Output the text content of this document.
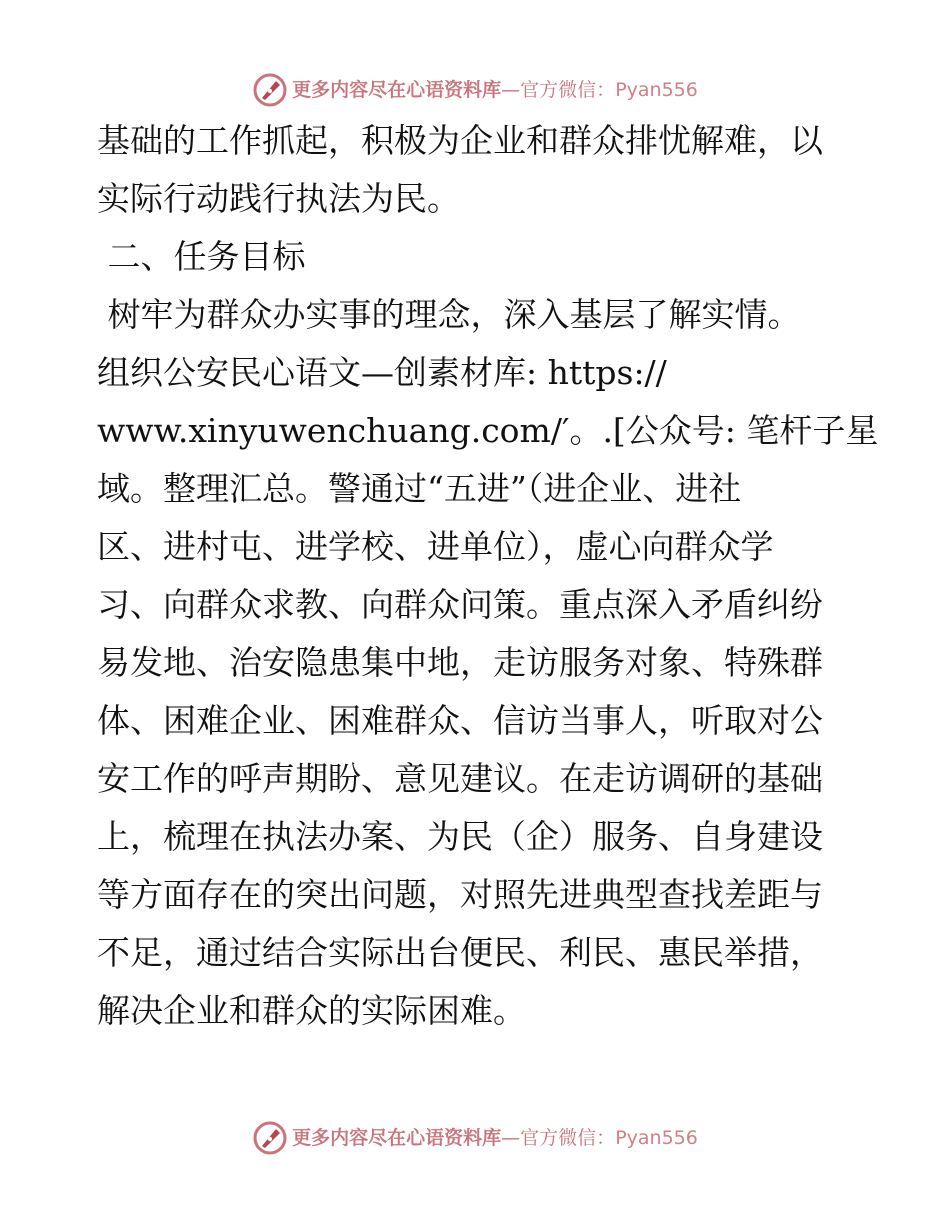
更多内容尽在心语资料库 — 官方微信： Pyan556
基础的工作抓起，积极为企业和群众排忧解难，以
实际行动践行执法为民。
二、任务目标
树牢为群众办实事的理念，深入基层了解实情。
组织公安民心语文—创素材库: https://
www.xinyuwenchuang.com/′。.[公众号: 笔杆子星
域。整理汇总。警通过“五进”（进企业、进社
区、进村屯、进学校、进单位），虚心向群众学
习、向群众求教、向群众问策。重点深入矛盾纠纷
易发地、治安隐患集中地，走访服务对象、特殊群
体、困难企业、困难群众、信访当事人，听取对公
安工作的呼声期盼、意见建议。在走访调研的基础
上，梳理在执法办案、为民（企）服务、自身建设
等方面存在的突出问题，对照先进典型查找差距与
不足，通过结合实际出台便民、利民、惠民举措，
解决企业和群众的实际困难。
更多内容尽在心语资料库 — 官方微信： Pyan556
